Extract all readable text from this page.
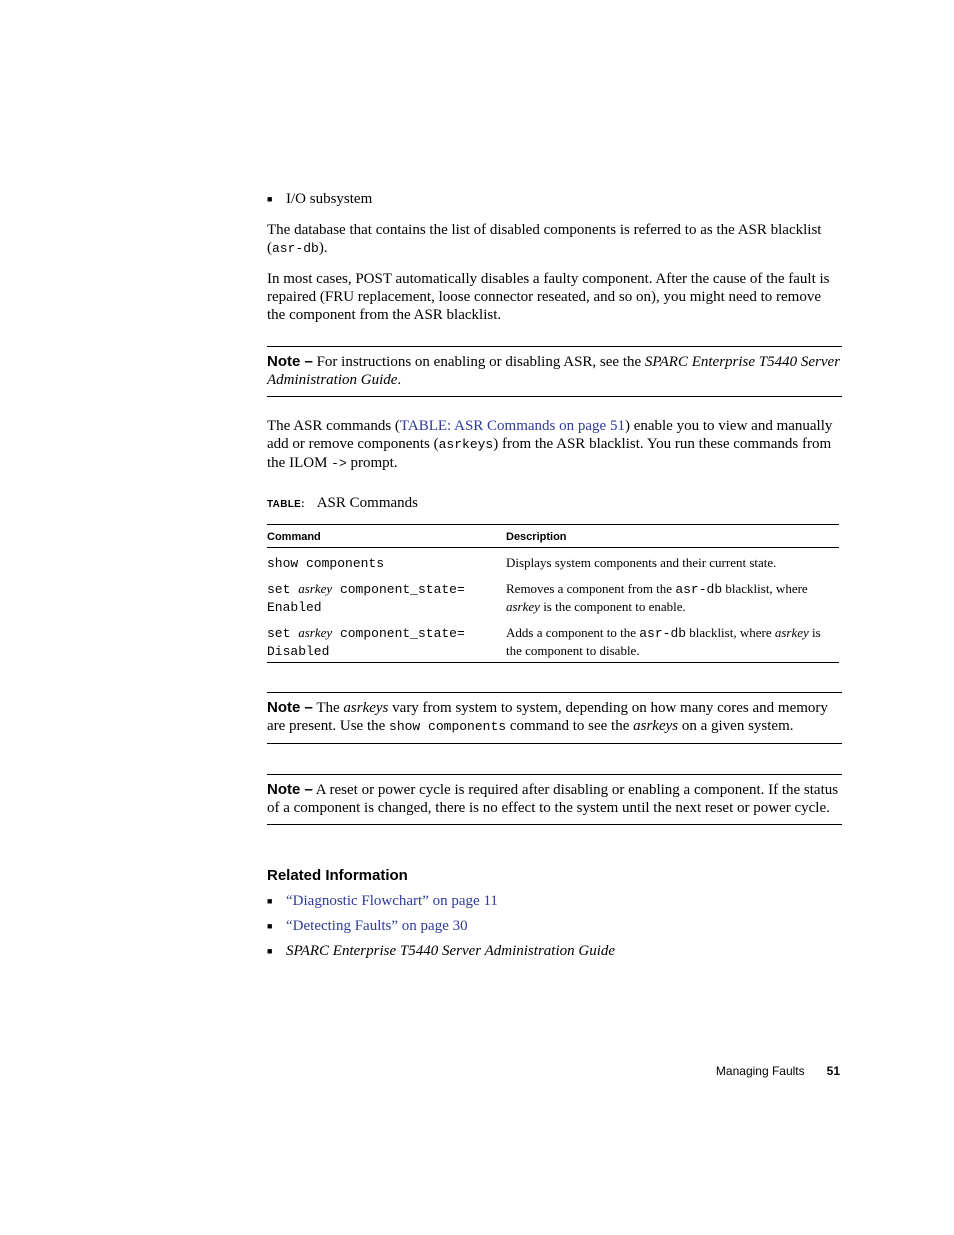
■
I/O subsystem

The database that contains the list of disabled components is referred to as the ASR blacklist (asr-db).

In most cases, POST automatically disables a faulty component. After the cause of the fault is repaired (FRU replacement, loose connector reseated, and so on), you might need to remove the component from the ASR blacklist.

Note – For instructions on enabling or disabling ASR, see the SPARC Enterprise T5440 Server Administration Guide.

The ASR commands (TABLE: ASR Commands on page 51) enable you to view and manually add or remove components (asrkeys) from the ASR blacklist. You run these commands from the ILOM -> prompt.

TABLE: ASR Commands
Command	Description
show components	Displays system components and their current state.
set asrkey component_state=
Enabled	Removes a component from the asr-db blacklist, where asrkey is the component to enable.
set asrkey component_state=
Disabled	Adds a component to the asr-db blacklist, where asrkey is the component to disable.
Note – The asrkeys vary from system to system, depending on how many cores and memory are present. Use the show components command to see the asrkeys on a given system.
Note – A reset or power cycle is required after disabling or enabling a component. If the status of a component is changed, there is no effect to the system until the next reset or power cycle.
Related Information
■
“Diagnostic Flowchart” on page 11
■
“Detecting Faults” on page 30
■
SPARC Enterprise T5440 Server Administration Guide
Managing Faults 51
